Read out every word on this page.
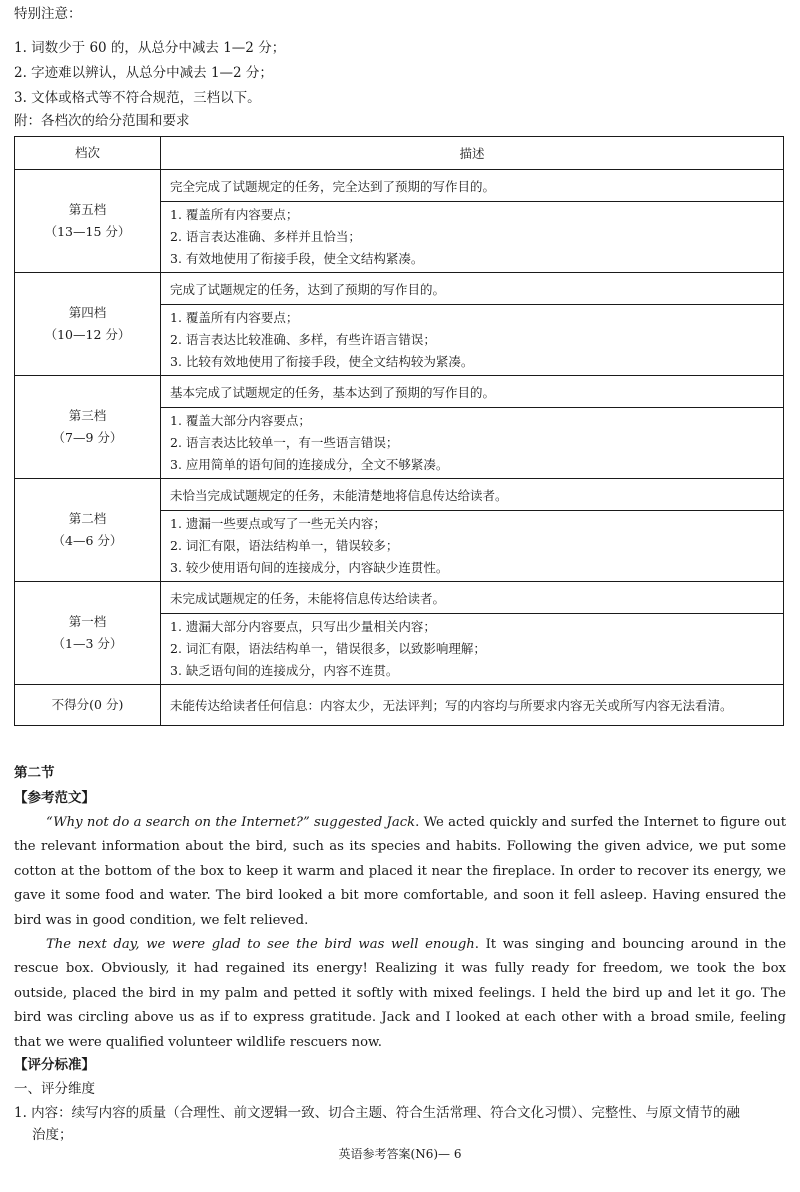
特别注意：
1. 词数少于 60 的，从总分中减去 1—2 分；
2. 字迹难以辨认，从总分中减去 1—2 分；
3. 文体或格式等不符合规范，三档以下。
附：各档次的给分范围和要求
档次	描述

第五档
（13—15 分）	完全完成了试题规定的任务，完全达到了预期的写作目的。

	1. 覆盖所有内容要点；
2. 语言表达准确、多样并且恰当；
3. 有效地使用了衔接手段，使全文结构紧凑。

第四档
（10—12 分）	完成了试题规定的任务，达到了预期的写作目的。

	1. 覆盖所有内容要点；
2. 语言表达比较准确、多样，有些许语言错误；
3. 比较有效地使用了衔接手段，使全文结构较为紧凑。

第三档
（7—9 分）	基本完成了试题规定的任务，基本达到了预期的写作目的。

	1. 覆盖大部分内容要点；
2. 语言表达比较单一，有一些语言错误；
3. 应用简单的语句间的连接成分，全文不够紧凑。

第二档
（4—6 分）	未恰当完成试题规定的任务，未能清楚地将信息传达给读者。

	1. 遗漏一些要点或写了一些无关内容；
2. 词汇有限，语法结构单一，错误较多；
3. 较少使用语句间的连接成分，内容缺少连贯性。

第一档
（1—3 分）	未完成试题规定的任务，未能将信息传达给读者。

	1. 遗漏大部分内容要点，只写出少量相关内容；
2. 词汇有限，语法结构单一，错误很多，以致影响理解；
3. 缺乏语句间的连接成分，内容不连贯。

不得分(0 分)	未能传达给读者任何信息：内容太少，无法评判；写的内容均与所要求内容无关或所写内容无法看清。
第二节
【参考范文】

“Why not do a search on the Internet?” suggested Jack. We acted quickly and surfed the Internet to figure out the relevant information about the bird, such as its species and habits. Following the given advice, we put some cotton at the bottom of the box to keep it warm and placed it near the fireplace. In order to recover its energy, we gave it some food and water. The bird looked a bit more comfortable, and soon it fell asleep. Having ensured the bird was in good condition, we felt relieved.

The next day, we were glad to see the bird was well enough. It was singing and bouncing around in the rescue box. Obviously, it had regained its energy! Realizing it was fully ready for freedom, we took the box outside, placed the bird in my palm and petted it softly with mixed feelings. I held the bird up and let it go. The bird was circling above us as if to express gratitude. Jack and I looked at each other with a broad smile, feeling that we were qualified volunteer wildlife rescuers now.

【评分标准】
一、评分维度
1. 内容：续写内容的质量（合理性、前文逻辑一致、切合主题、符合生活常理、符合文化习惯）、完整性、与原文情节的融
治度；
英语参考答案(N6)— 6
